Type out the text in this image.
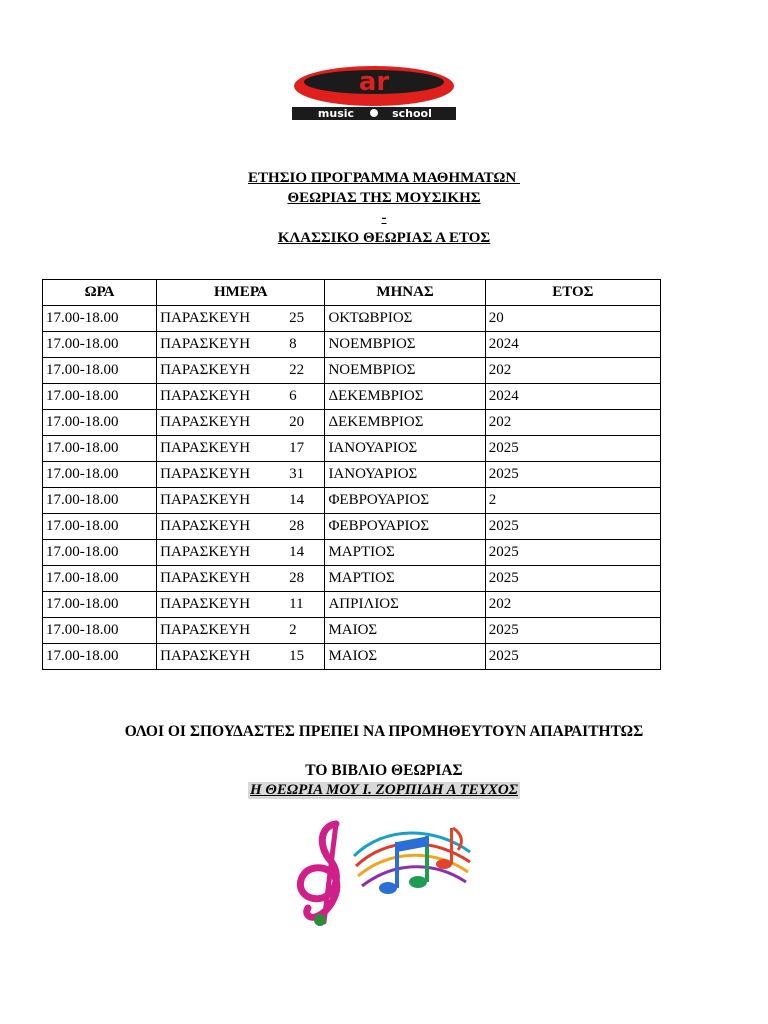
ar
music	school
ΕΤΗΣΙΟ ΠΡΟΓΡΑΜΜΑ ΜΑΘΗΜΑΤΩΝ
ΘΕΩΡΙΑΣ ΤΗΣ ΜΟΥΣΙΚΗΣ
-
ΚΛΑΣΣΙΚΟ ΘΕΩΡΙΑΣ Α ΕΤΟΣ
ΩΡΑ	ΗΜΕΡΑ	ΜΗΝΑΣ	ΕΤΟΣ
17.00-18.00	ΠΑΡΑΣΚΕΥΗ 25	ΟΚΤΩΒΡΙΟΣ	20
17.00-18.00	ΠΑΡΑΣΚΕΥΗ 8	ΝΟΕΜΒΡΙΟΣ	2024
17.00-18.00	ΠΑΡΑΣΚΕΥΗ 22	ΝΟΕΜΒΡΙΟΣ	202
17.00-18.00	ΠΑΡΑΣΚΕΥΗ 6	ΔΕΚΕΜΒΡΙΟΣ	2024
17.00-18.00	ΠΑΡΑΣΚΕΥΗ 20	ΔΕΚΕΜΒΡΙΟΣ	202
17.00-18.00	ΠΑΡΑΣΚΕΥΗ 17	ΙΑΝΟΥΑΡΙΟΣ	2025
17.00-18.00	ΠΑΡΑΣΚΕΥΗ 31	ΙΑΝΟΥΑΡΙΟΣ	2025
17.00-18.00	ΠΑΡΑΣΚΕΥΗ 14	ΦΕΒΡΟΥΑΡΙΟΣ	2
17.00-18.00	ΠΑΡΑΣΚΕΥΗ 28	ΦΕΒΡΟΥΑΡΙΟΣ	2025
17.00-18.00	ΠΑΡΑΣΚΕΥΗ 14	ΜΑΡΤΙΟΣ	2025
17.00-18.00	ΠΑΡΑΣΚΕΥΗ 28	ΜΑΡΤΙΟΣ	2025
17.00-18.00	ΠΑΡΑΣΚΕΥΗ 11	ΑΠΡΙΛΙΟΣ	202
17.00-18.00	ΠΑΡΑΣΚΕΥΗ 2	ΜΑΙΟΣ	2025
17.00-18.00	ΠΑΡΑΣΚΕΥΗ 15	ΜΑΙΟΣ	2025
ΟΛΟΙ ΟΙ ΣΠΟΥΔΑΣΤΕΣ ΠΡΕΠΕΙ ΝΑ ΠΡΟΜΗΘΕΥΤΟΥΝ ΑΠΑΡΑΙΤΗΤΩΣ
ΤΟ ΒΙΒΛΙΟ ΘΕΩΡΙΑΣ
Η ΘΕΩΡΙΑ ΜΟΥ Ι. ΖΟΡΠΙΔΗ Α ΤΕΥΧΟΣ
